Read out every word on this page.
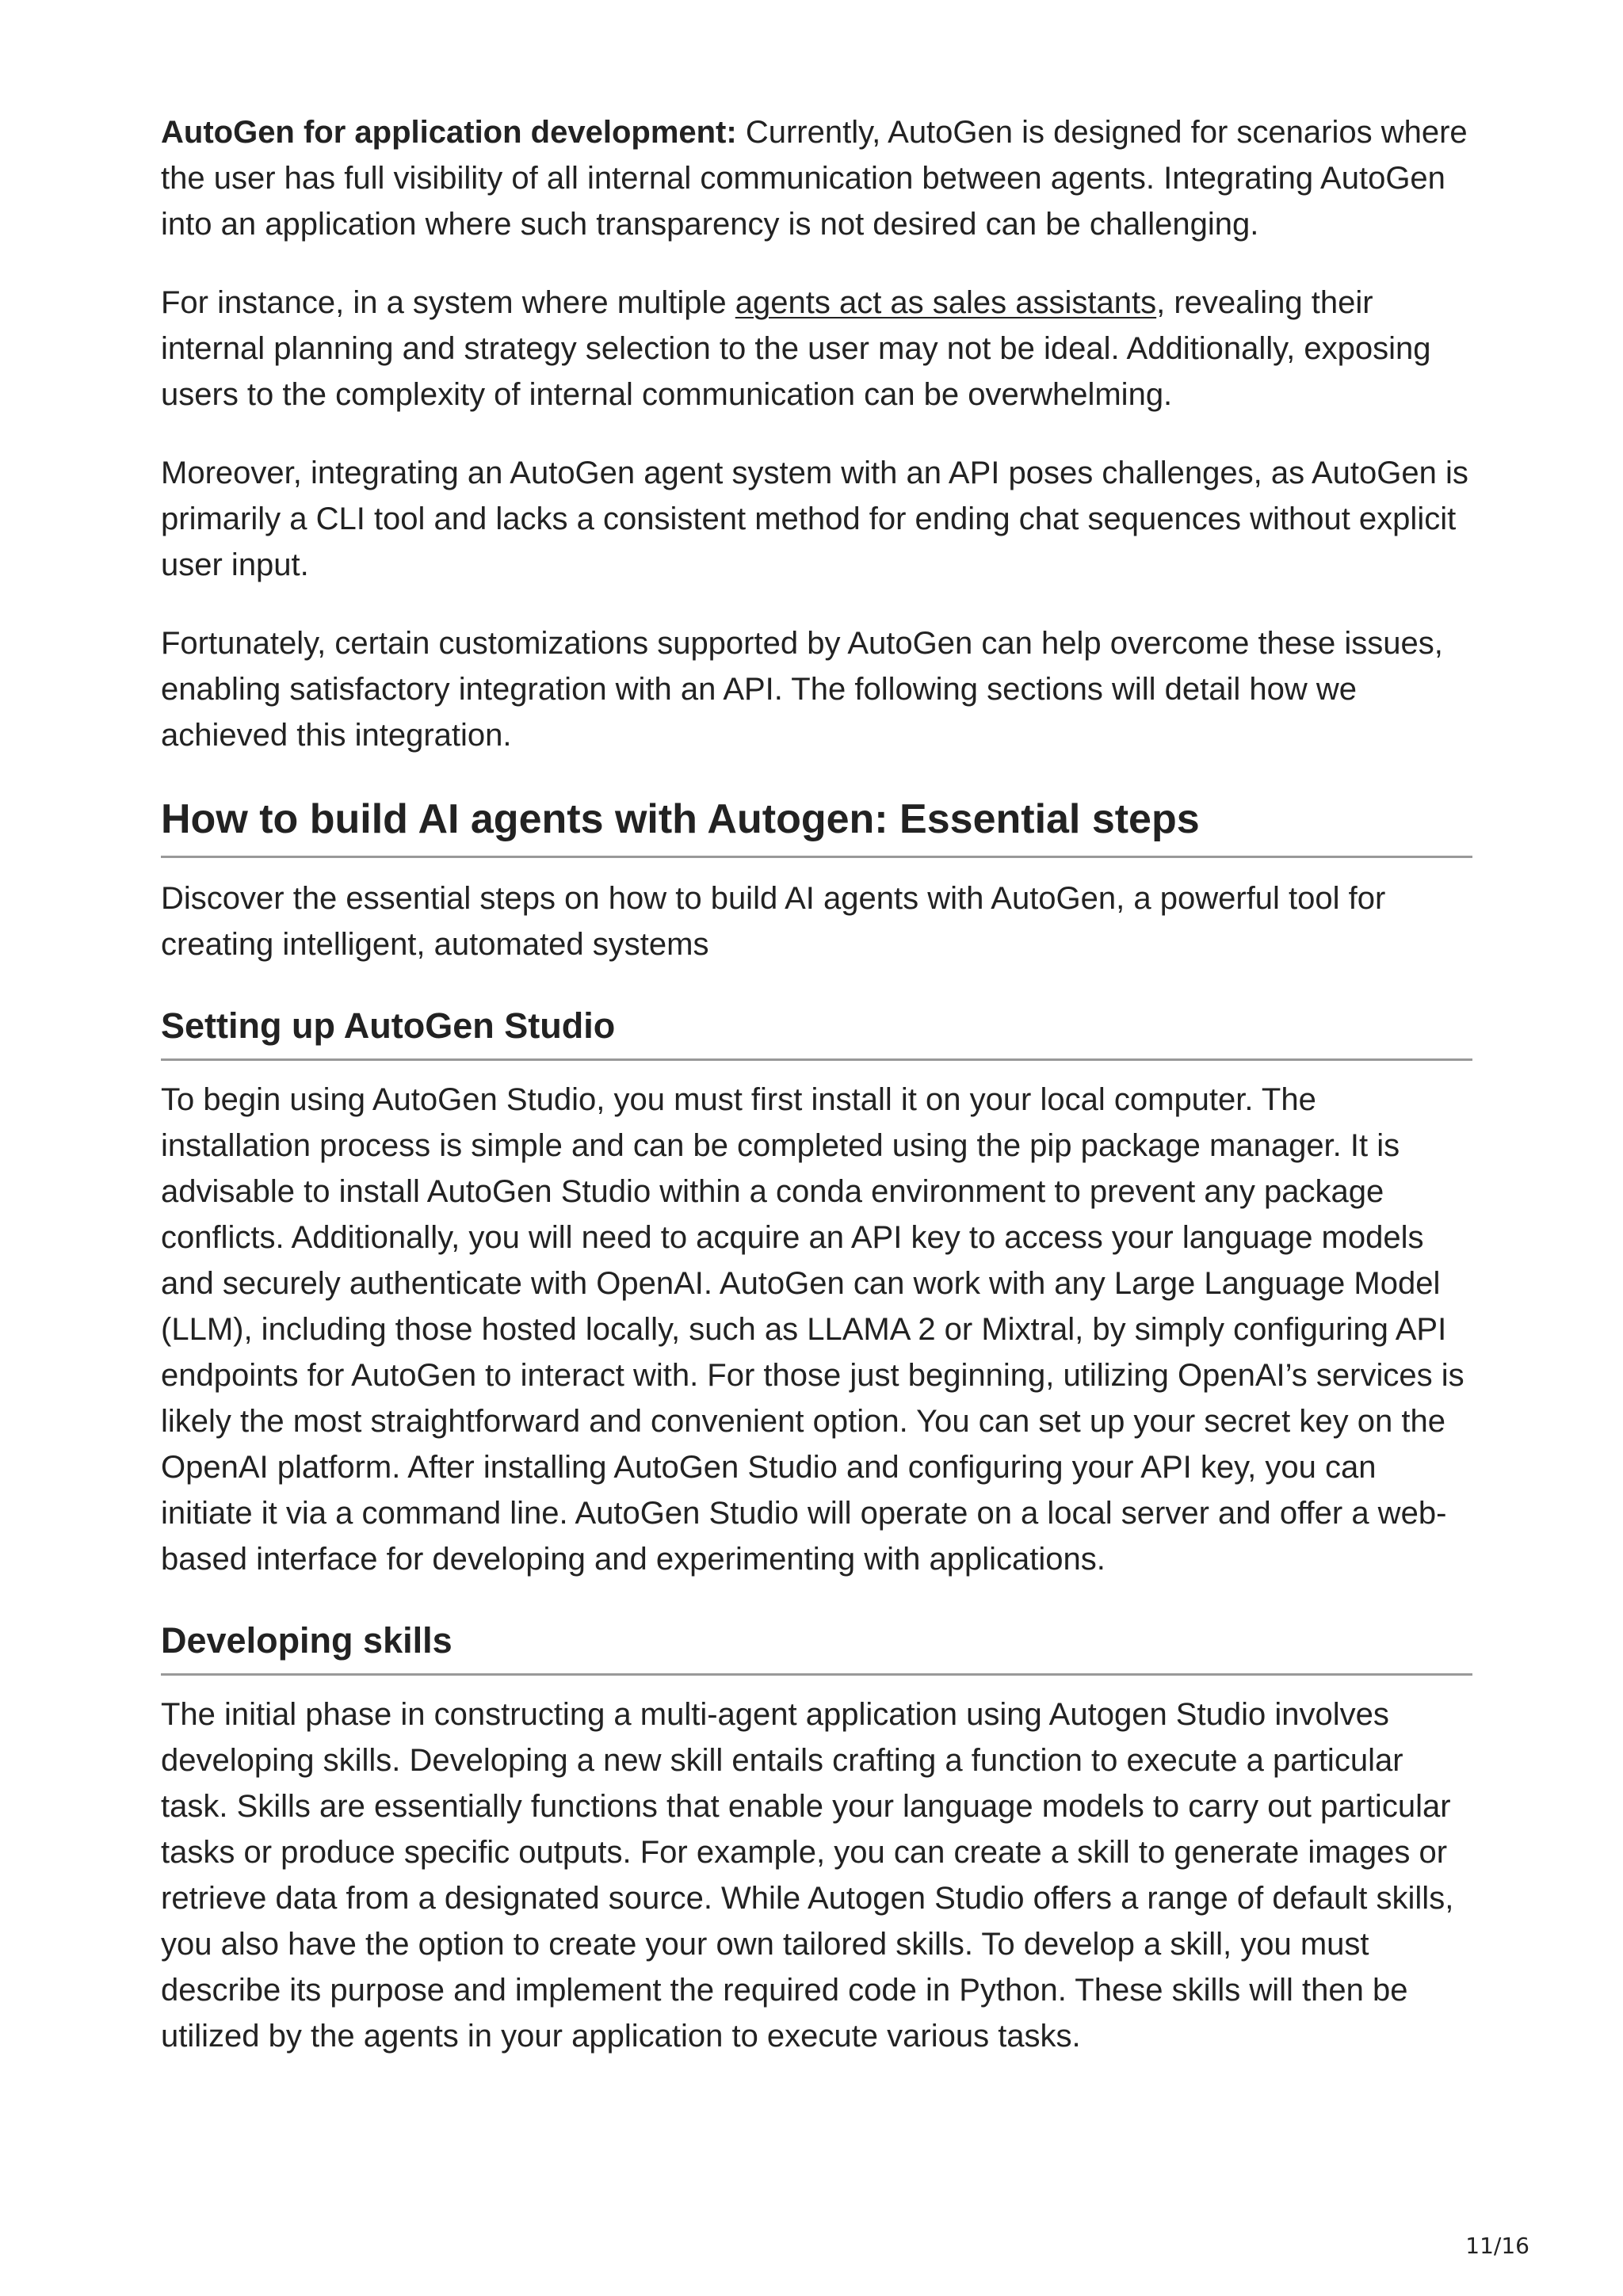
AutoGen for application development: Currently, AutoGen is designed for scenarios where the user has full visibility of all internal communication between agents. Integrating AutoGen into an application where such transparency is not desired can be challenging.

For instance, in a system where multiple agents act as sales assistants, revealing their internal planning and strategy selection to the user may not be ideal. Additionally, exposing users to the complexity of internal communication can be overwhelming.

Moreover, integrating an AutoGen agent system with an API poses challenges, as AutoGen is primarily a CLI tool and lacks a consistent method for ending chat sequences without explicit user input.

Fortunately, certain customizations supported by AutoGen can help overcome these issues, enabling satisfactory integration with an API. The following sections will detail how we achieved this integration.

How to build AI agents with Autogen: Essential steps

Discover the essential steps on how to build AI agents with AutoGen, a powerful tool for creating intelligent, automated systems

Setting up AutoGen Studio

To begin using AutoGen Studio, you must first install it on your local computer. The installation process is simple and can be completed using the pip package manager. It is advisable to install AutoGen Studio within a conda environment to prevent any package conflicts. Additionally, you will need to acquire an API key to access your language models and securely authenticate with OpenAI. AutoGen can work with any Large Language Model (LLM), including those hosted locally, such as LLAMA 2 or Mixtral, by simply configuring API endpoints for AutoGen to interact with. For those just beginning, utilizing OpenAI’s services is likely the most straightforward and convenient option. You can set up your secret key on the OpenAI platform. After installing AutoGen Studio and configuring your API key, you can initiate it via a command line. AutoGen Studio will operate on a local server and offer a web-based interface for developing and experimenting with applications.

Developing skills

The initial phase in constructing a multi-agent application using Autogen Studio involves developing skills. Developing a new skill entails crafting a function to execute a particular task. Skills are essentially functions that enable your language models to carry out particular tasks or produce specific outputs. For example, you can create a skill to generate images or retrieve data from a designated source. While Autogen Studio offers a range of default skills, you also have the option to create your own tailored skills. To develop a skill, you must describe its purpose and implement the required code in Python. These skills will then be utilized by the agents in your application to execute various tasks.

11/16
